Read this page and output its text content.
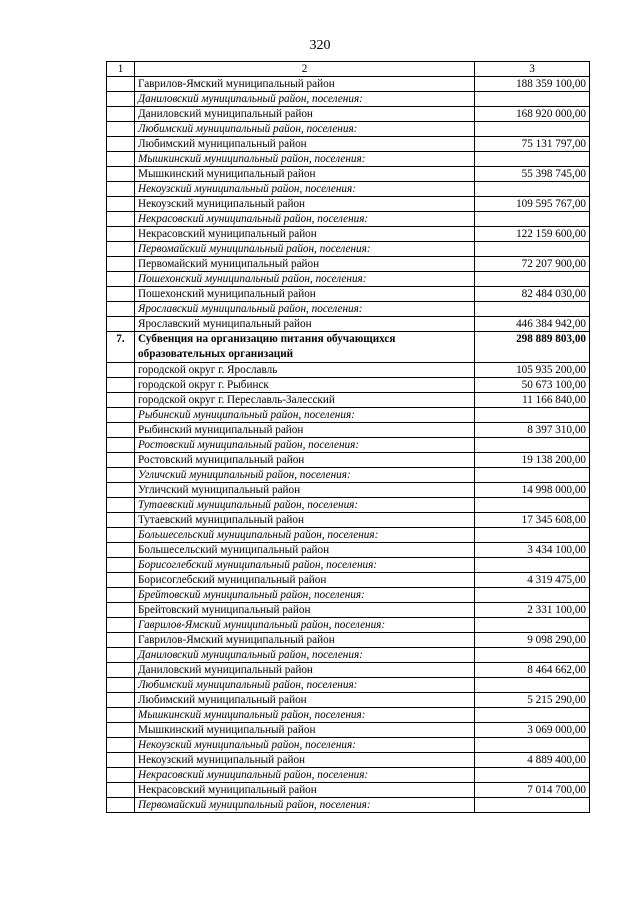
320
1	2	3
	Гаврилов-Ямский муниципальный район	188 359 100,00
	Даниловский муниципальный район, поселения:	
	Даниловский муниципальный район	168 920 000,00
	Любимский муниципальный район, поселения:	
	Любимский муниципальный район	75 131 797,00
	Мышкинский муниципальный район, поселения:	
	Мышкинский муниципальный район	55 398 745,00
	Некоузский муниципальный район, поселения:	
	Некоузский муниципальный район	109 595 767,00
	Некрасовский муниципальный район, поселения:	
	Некрасовский муниципальный район	122 159 600,00
	Первомайский муниципальный район, поселения:	
	Первомайский муниципальный район	72 207 900,00
	Пошехонский муниципальный район, поселения:	
	Пошехонский муниципальный район	82 484 030,00
	Ярославский муниципальный район, поселения:	
	Ярославский муниципальный район	446 384 942,00
7.	Субвенция на организацию питания обучающихся образовательных организаций	298 889 803,00
	городской округ г. Ярославль	105 935 200,00
	городской округ г. Рыбинск	50 673 100,00
	городской округ г. Переславль-Залесский	11 166 840,00
	Рыбинский муниципальный район, поселения:	
	Рыбинский муниципальный район	8 397 310,00
	Ростовский муниципальный район, поселения:	
	Ростовский муниципальный район	19 138 200,00
	Угличский муниципальный район, поселения:	
	Угличский муниципальный район	14 998 000,00
	Тутаевский муниципальный район, поселения:	
	Тутаевский муниципальный район	17 345 608,00
	Большесельский муниципальный район, поселения:	
	Большесельский муниципальный район	3 434 100,00
	Борисоглебский муниципальный район, поселения:	
	Борисоглебский муниципальный район	4 319 475,00
	Брейтовский муниципальный район, поселения:	
	Брейтовский муниципальный район	2 331 100,00
	Гаврилов-Ямский муниципальный район, поселения:	
	Гаврилов-Ямский муниципальный район	9 098 290,00
	Даниловский муниципальный район, поселения:	
	Даниловский муниципальный район	8 464 662,00
	Любимский муниципальный район, поселения:	
	Любимский муниципальный район	5 215 290,00
	Мышкинский муниципальный район, поселения:	
	Мышкинский муниципальный район	3 069 000,00
	Некоузский муниципальный район, поселения:	
	Некоузский муниципальный район	4 889 400,00
	Некрасовский муниципальный район, поселения:	
	Некрасовский муниципальный район	7 014 700,00
	Первомайский муниципальный район, поселения:	
